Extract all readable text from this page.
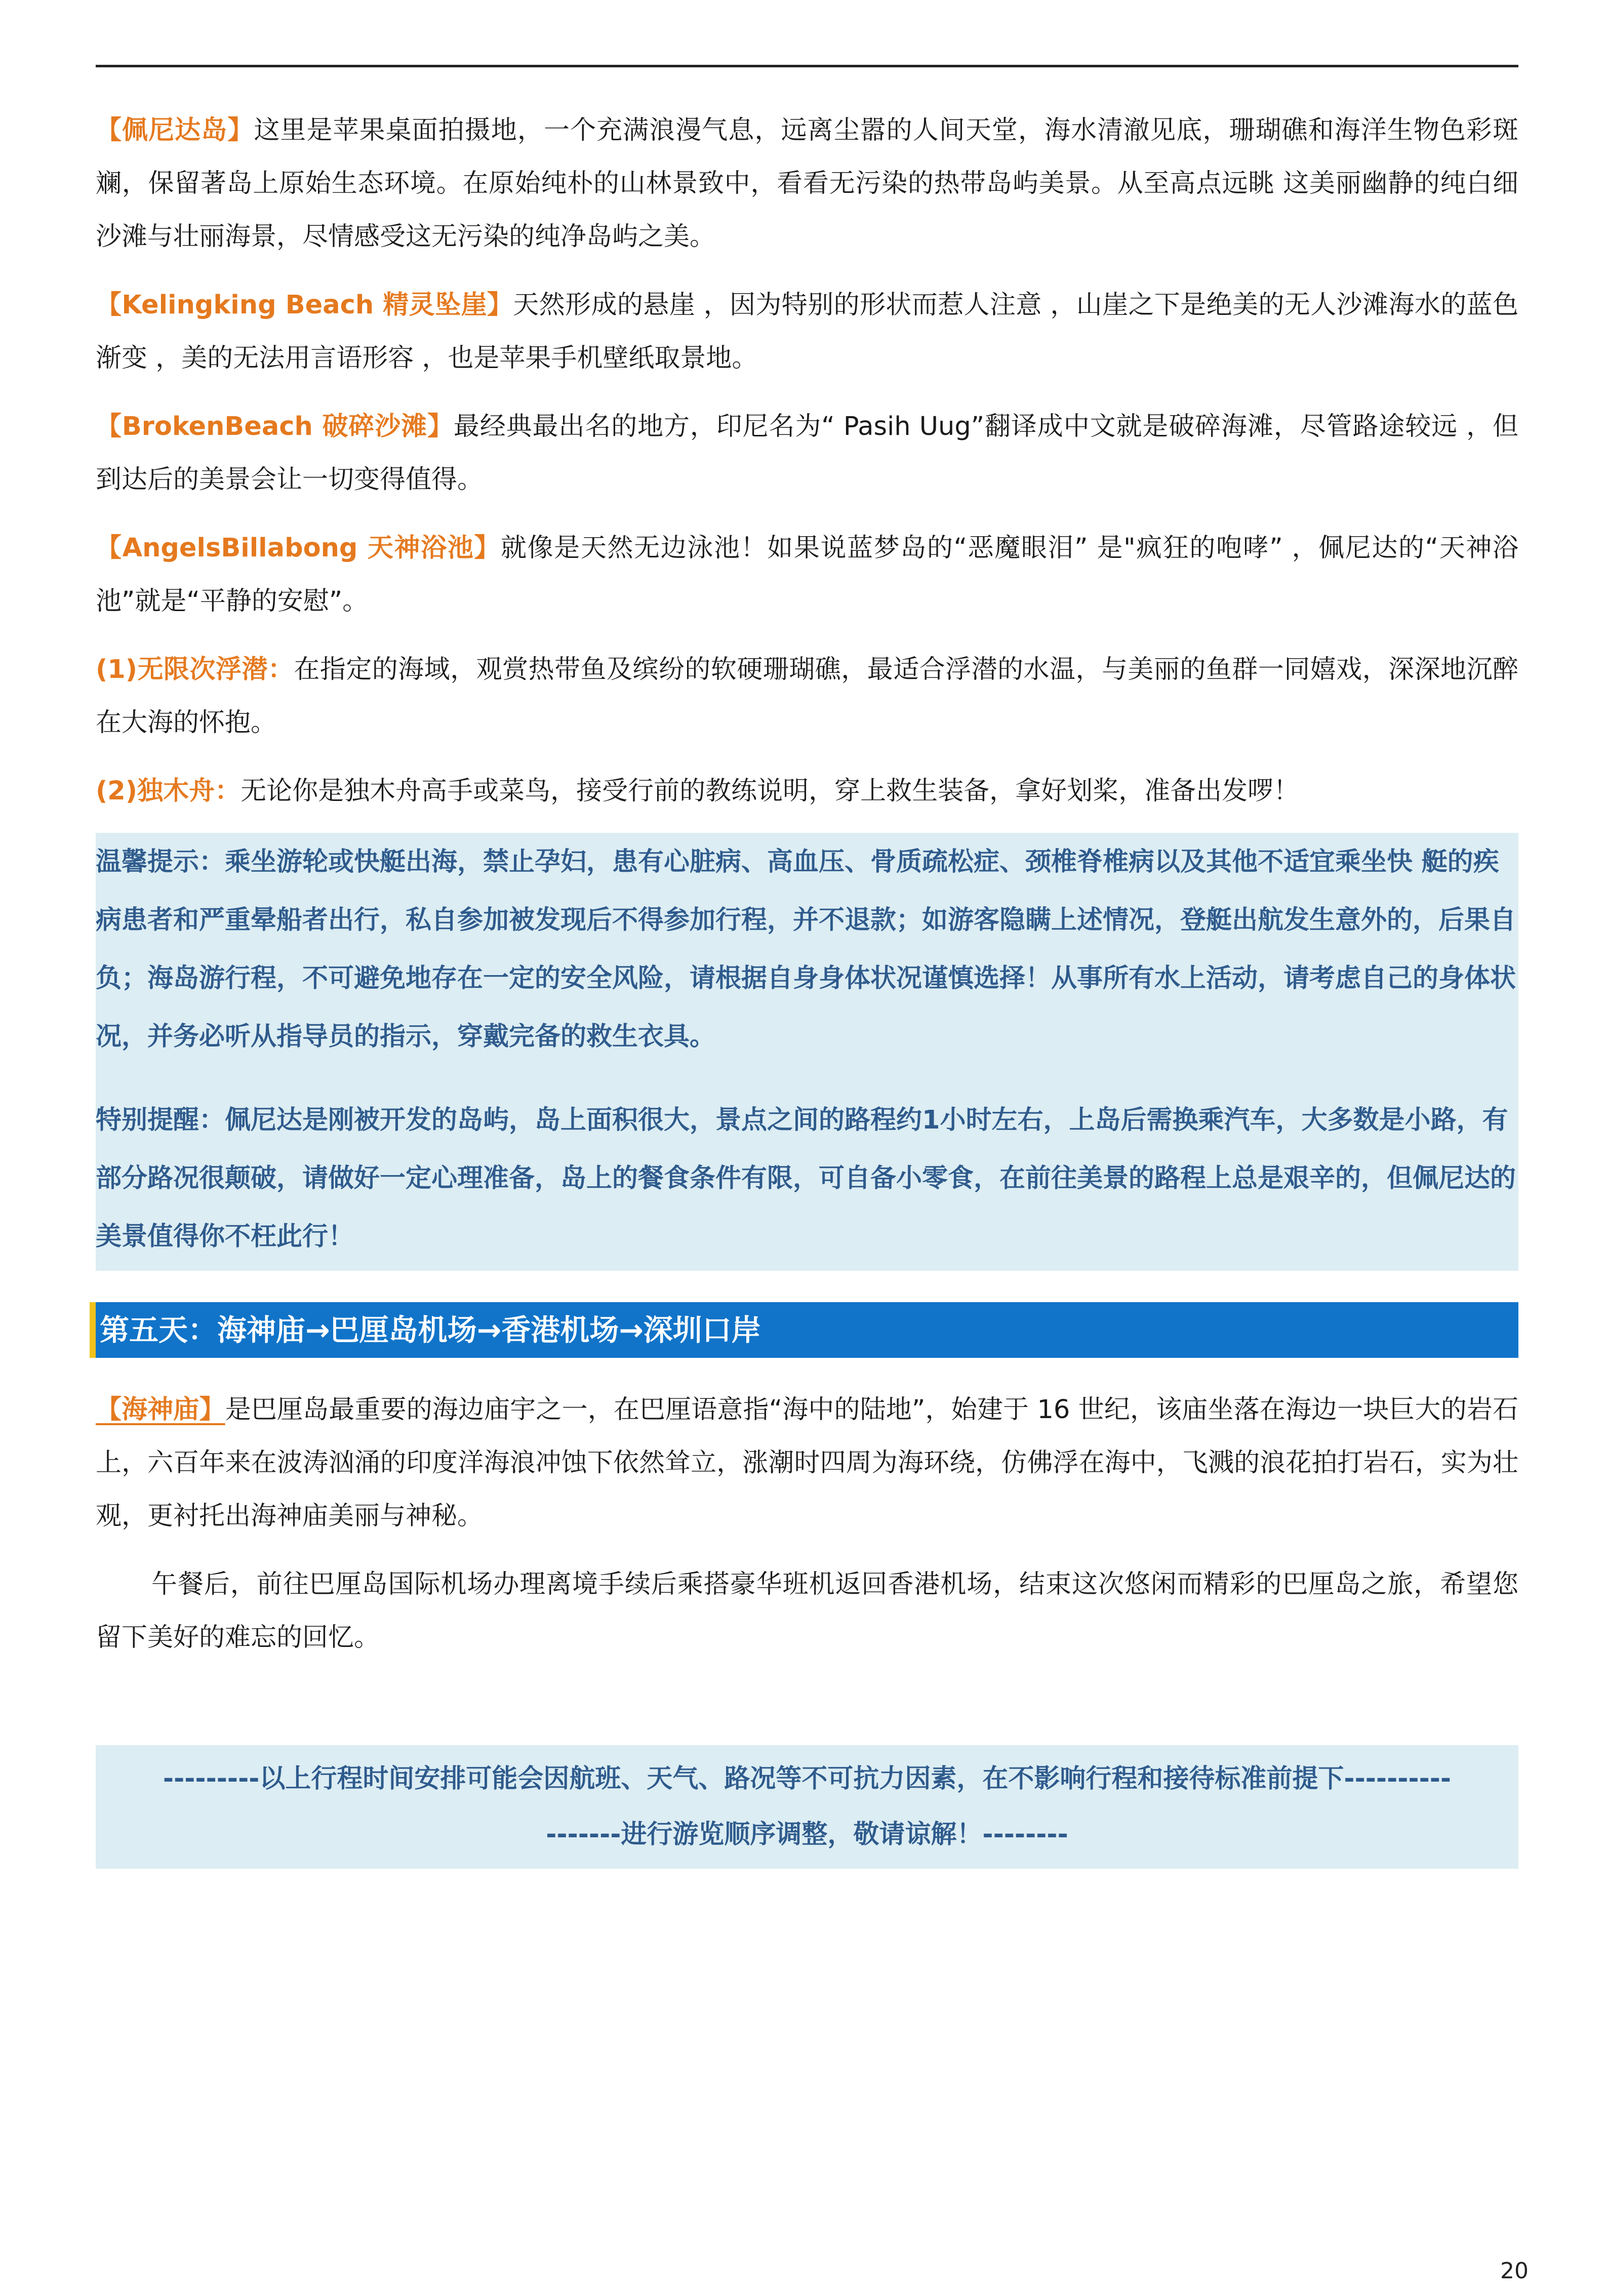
【佩尼达岛】这里是苹果桌面拍摄地，一个充满浪漫气息，远离尘嚣的人间天堂，海水清澈见底，珊瑚礁和海洋生物色彩斑斓，保留著岛上原始生态环境。在原始纯朴的山林景致中，看看无污染的热带岛屿美景。从至高点远眺 这美丽幽静的纯白细沙滩与壮丽海景，尽情感受这无污染的纯净岛屿之美。

【Kelingking Beach 精灵坠崖】天然形成的悬崖 ，因为特别的形状而惹人注意 ，山崖之下是绝美的无人沙滩海水的蓝色渐变 ，美的无法用言语形容 ，也是苹果手机壁纸取景地。

【BrokenBeach 破碎沙滩】最经典最出名的地方，印尼名为“ Pasih Uug”翻译成中文就是破碎海滩，尽管路途较远 ，但到达后的美景会让一切变得值得。

【AngelsBillabong 天神浴池】就像是天然无边泳池！如果说蓝梦岛的“恶魔眼泪” 是"疯狂的咆哮” ，佩尼达的“天神浴池”就是“平静的安慰”。

(1)无限次浮潜：在指定的海域，观赏热带鱼及缤纷的软硬珊瑚礁，最适合浮潜的水温，与美丽的鱼群一同嬉戏，深深地沉醉在大海的怀抱。

(2)独木舟：无论你是独木舟高手或菜鸟，接受行前的教练说明，穿上救生装备，拿好划桨，准备出发啰！

温馨提示：乘坐游轮或快艇出海，禁止孕妇，患有心脏病、高血压、骨质疏松症、颈椎脊椎病以及其他不适宜乘坐快 艇的疾病患者和严重晕船者出行，私自参加被发现后不得参加行程，并不退款；如游客隐瞒上述情况，登艇出航发生意外的，后果自负；海岛游行程，不可避免地存在一定的安全风险，请根据自身身体状况谨慎选择！从事所有水上活动，请考虑自己的身体状况，并务必听从指导员的指示，穿戴完备的救生衣具。

特别提醒：佩尼达是刚被开发的岛屿，岛上面积很大，景点之间的路程约1小时左右，上岛后需换乘汽车，大多数是小路，有部分路况很颠破，请做好一定心理准备，岛上的餐食条件有限，可自备小零食，在前往美景的路程上总是艰辛的，但佩尼达的美景值得你不枉此行！

第五天：海神庙→巴厘岛机场→香港机场→深圳口岸

【海神庙】是巴厘岛最重要的海边庙宇之一，在巴厘语意指“海中的陆地”，始建于 16 世纪，该庙坐落在海边一块巨大的岩石上，六百年来在波涛汹涌的印度洋海浪冲蚀下依然耸立，涨潮时四周为海环绕，仿佛浮在海中，飞溅的浪花拍打岩石，实为壮观，更衬托出海神庙美丽与神秘。

午餐后，前往巴厘岛国际机场办理离境手续后乘搭豪华班机返回香港机场，结束这次悠闲而精彩的巴厘岛之旅，希望您留下美好的难忘的回忆。

---------以上行程时间安排可能会因航班、天气、路况等不可抗力因素，在不影响行程和接待标准前提下----------

-------进行游览顺序调整，敬请谅解！--------

20
